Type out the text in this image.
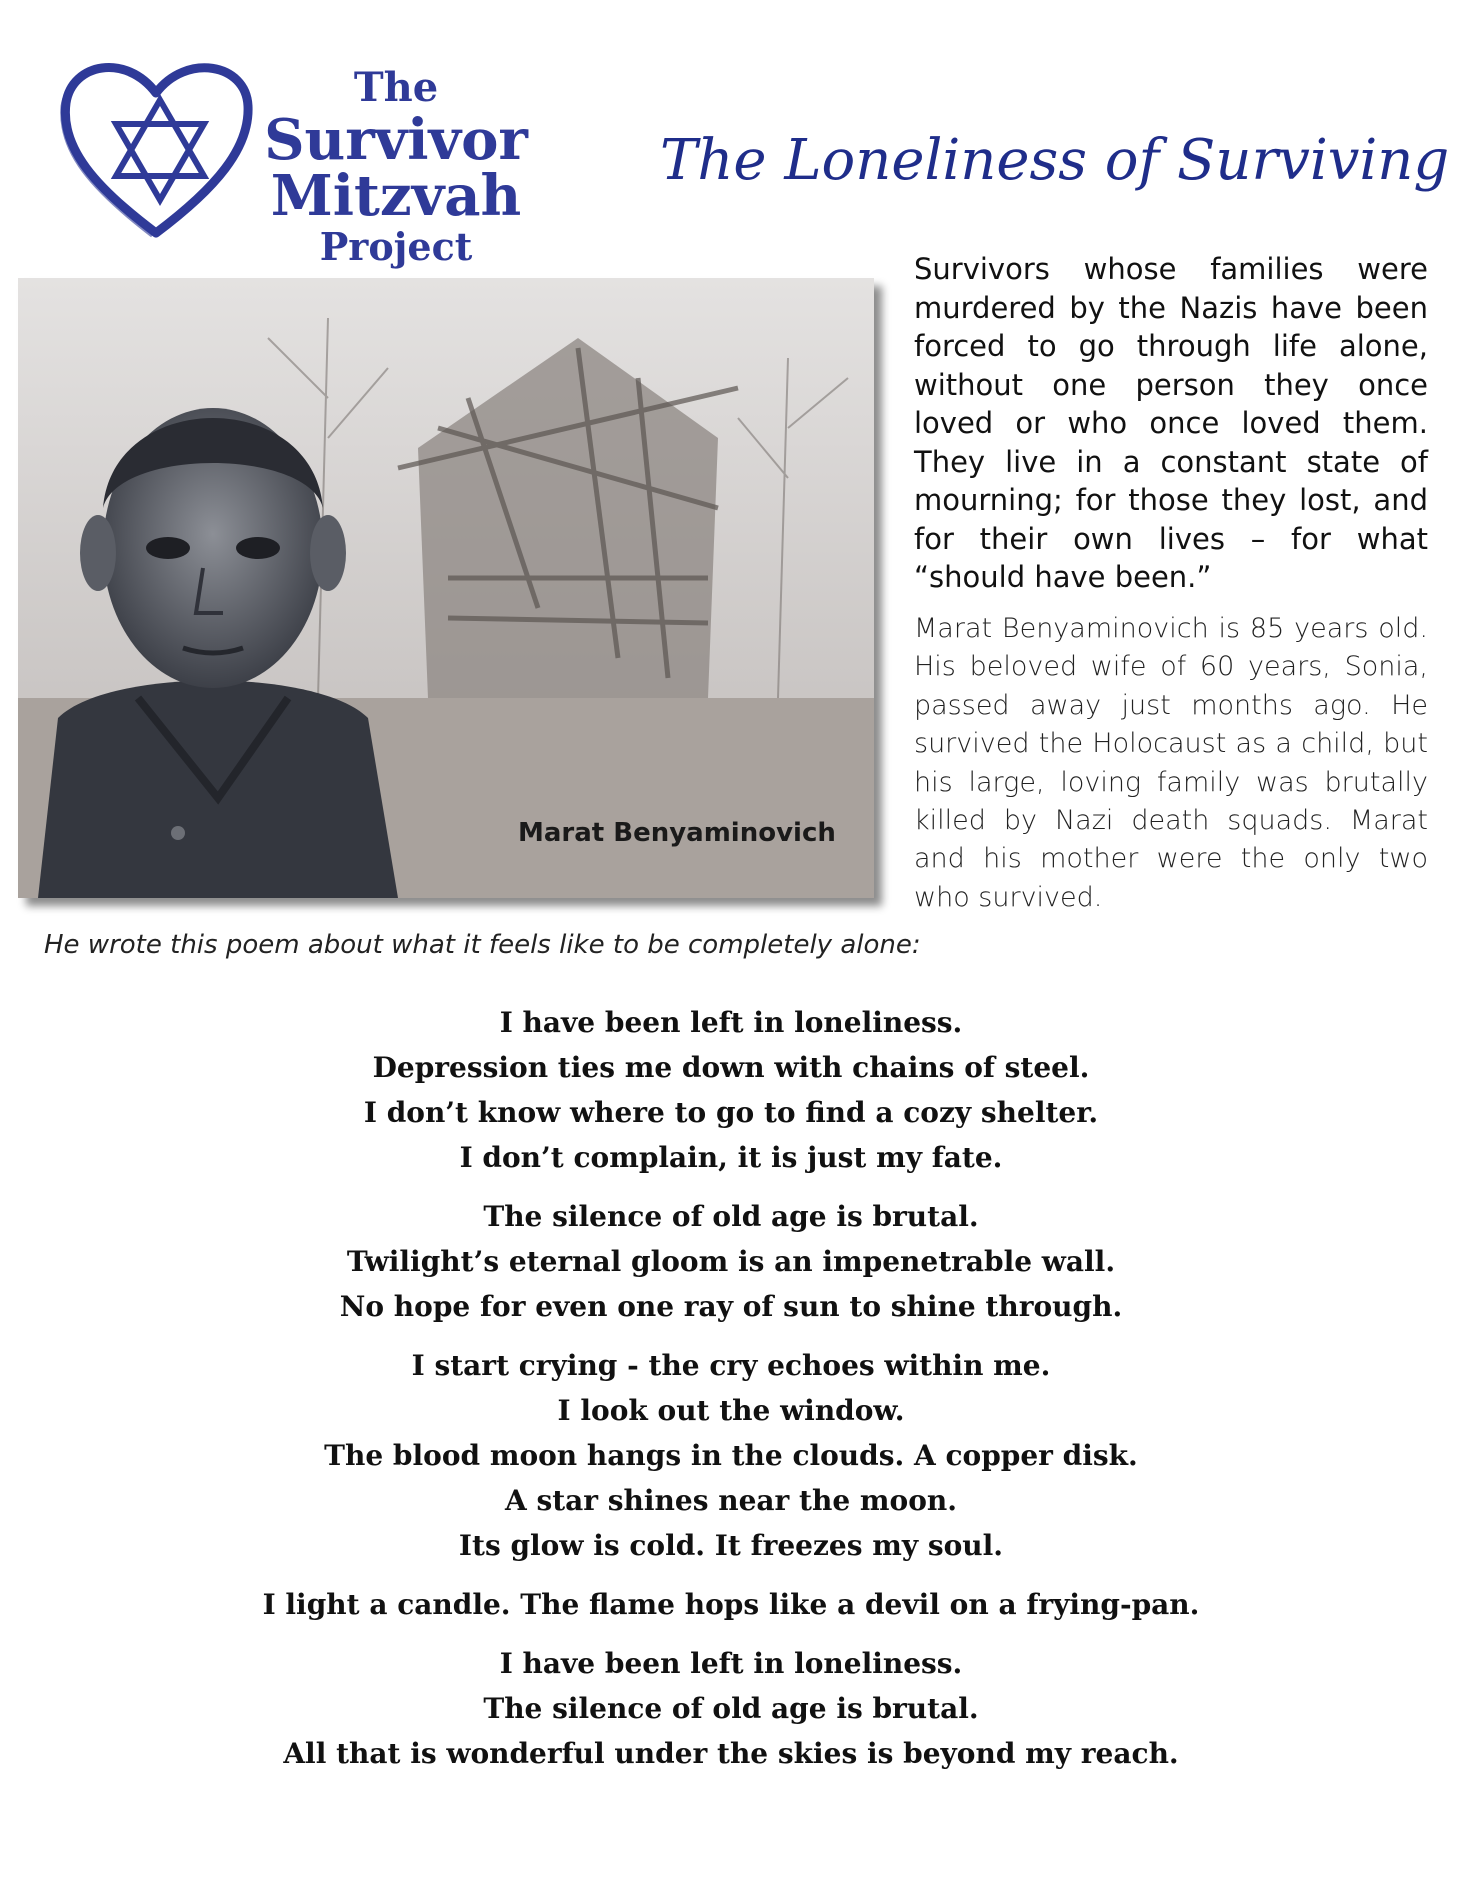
The
Survivor
Mitzvah
Project
The Loneliness of Surviving
Marat Benyaminovich

Survivors whose families were murdered by the Nazis have been forced to go through life alone, without one person they once loved or who once loved them. They live in a constant state of mourning; for those they lost, and for their own lives – for what “should have been.”

Marat Benyaminovich is 85 years old. His beloved wife of 60 years, Sonia, passed away just months ago. He survived the Holocaust as a child, but his large, loving family was brutally killed by Nazi death squads. Marat and his mother were the only two who survived.

He wrote this poem about what it feels like to be completely alone:

I have been left in loneliness.
Depression ties me down with chains of steel.
I don’t know where to go to find a cozy shelter.
I don’t complain, it is just my fate.
The silence of old age is brutal.
Twilight’s eternal gloom is an impenetrable wall.
No hope for even one ray of sun to shine through.
I start crying - the cry echoes within me.
I look out the window.
The blood moon hangs in the clouds. A copper disk.
A star shines near the moon.
Its glow is cold. It freezes my soul.
I light a candle. The flame hops like a devil on a frying-pan.
I have been left in loneliness.
The silence of old age is brutal.
All that is wonderful under the skies is beyond my reach.
